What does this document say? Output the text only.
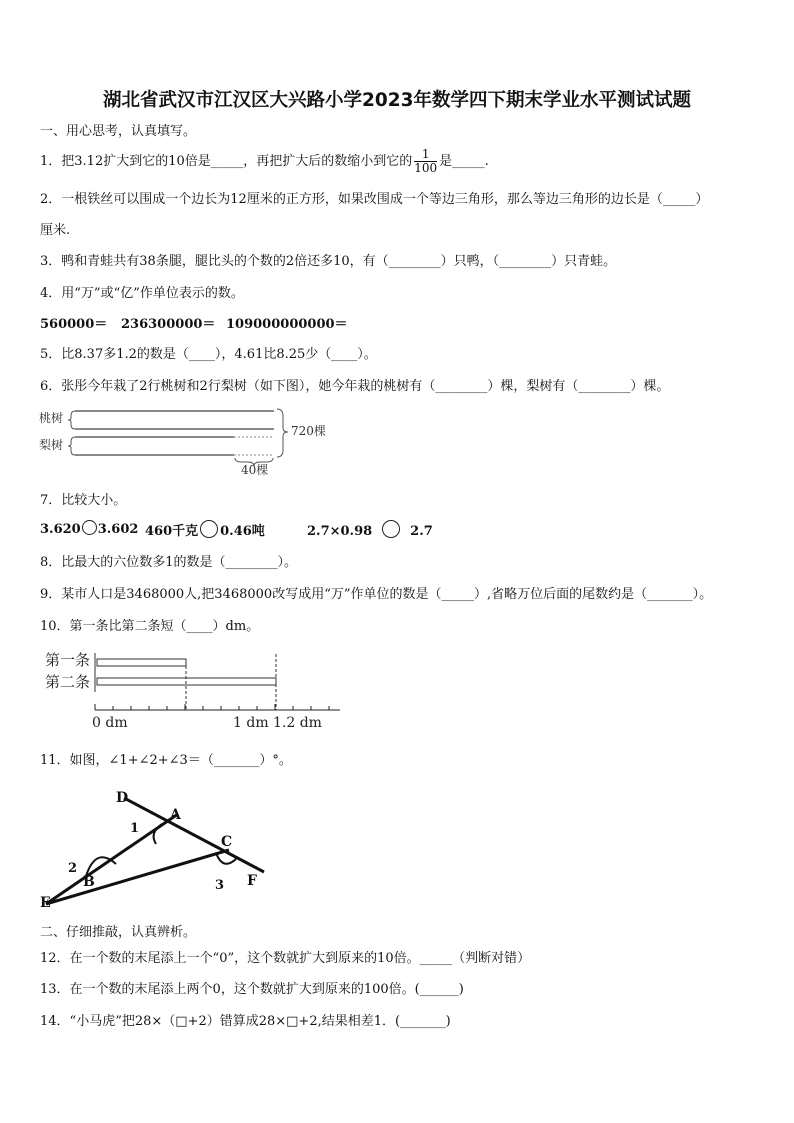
湖北省武汉市江汉区大兴路小学2023年数学四下期末学业水平测试试题
一、用心思考，认真填写。
1．把3.12扩大到它的10倍是_____，再把扩大后的数缩小到它的 $\frac{1}{100}$ 是_____.
2．一根铁丝可以围成一个边长为12厘米的正方形，如果改围成一个等边三角形，那么等边三角形的边长是（_____）
厘米.
3．鸭和青蛙共有38条腿，腿比头的个数的2倍还多10，有（________）只鸭，（________）只青蛙。
4．用“万”或“亿”作单位表示的数。
560000＝ 236300000＝ 109000000000＝
5．比8.37多1.2的数是（____），4.61比8.25少（____）。
6．张彤今年栽了2行桃树和2行梨树（如下图），她今年栽的桃树有（________）棵，梨树有（________）棵。
桃树
梨树
720棵
40棵
7．比较大小。
3.620 3.602 460千克 0.46吨	2.7×0.98	2.7
8．比最大的六位数多1的数是（________）。
9．某市人口是3468000人,把3468000改写成用“万”作单位的数是（_____）,省略万位后面的尾数约是（_______）。
10．第一条比第二条短（____）dm。
第一条
第二条
0 dm	1 dm 1.2 dm
11．如图，∠1+∠2+∠3＝（_______）°。
D
A
C
B
E
F
1
2
3
二、仔细推敲，认真辨析。
12．在一个数的末尾添上一个“0”，这个数就扩大到原来的10倍。_____（判断对错）
13．在一个数的末尾添上两个0，这个数就扩大到原来的100倍。(______)
14．“小马虎”把28×（□+2）错算成28×□+2,结果相差1．(_______)
